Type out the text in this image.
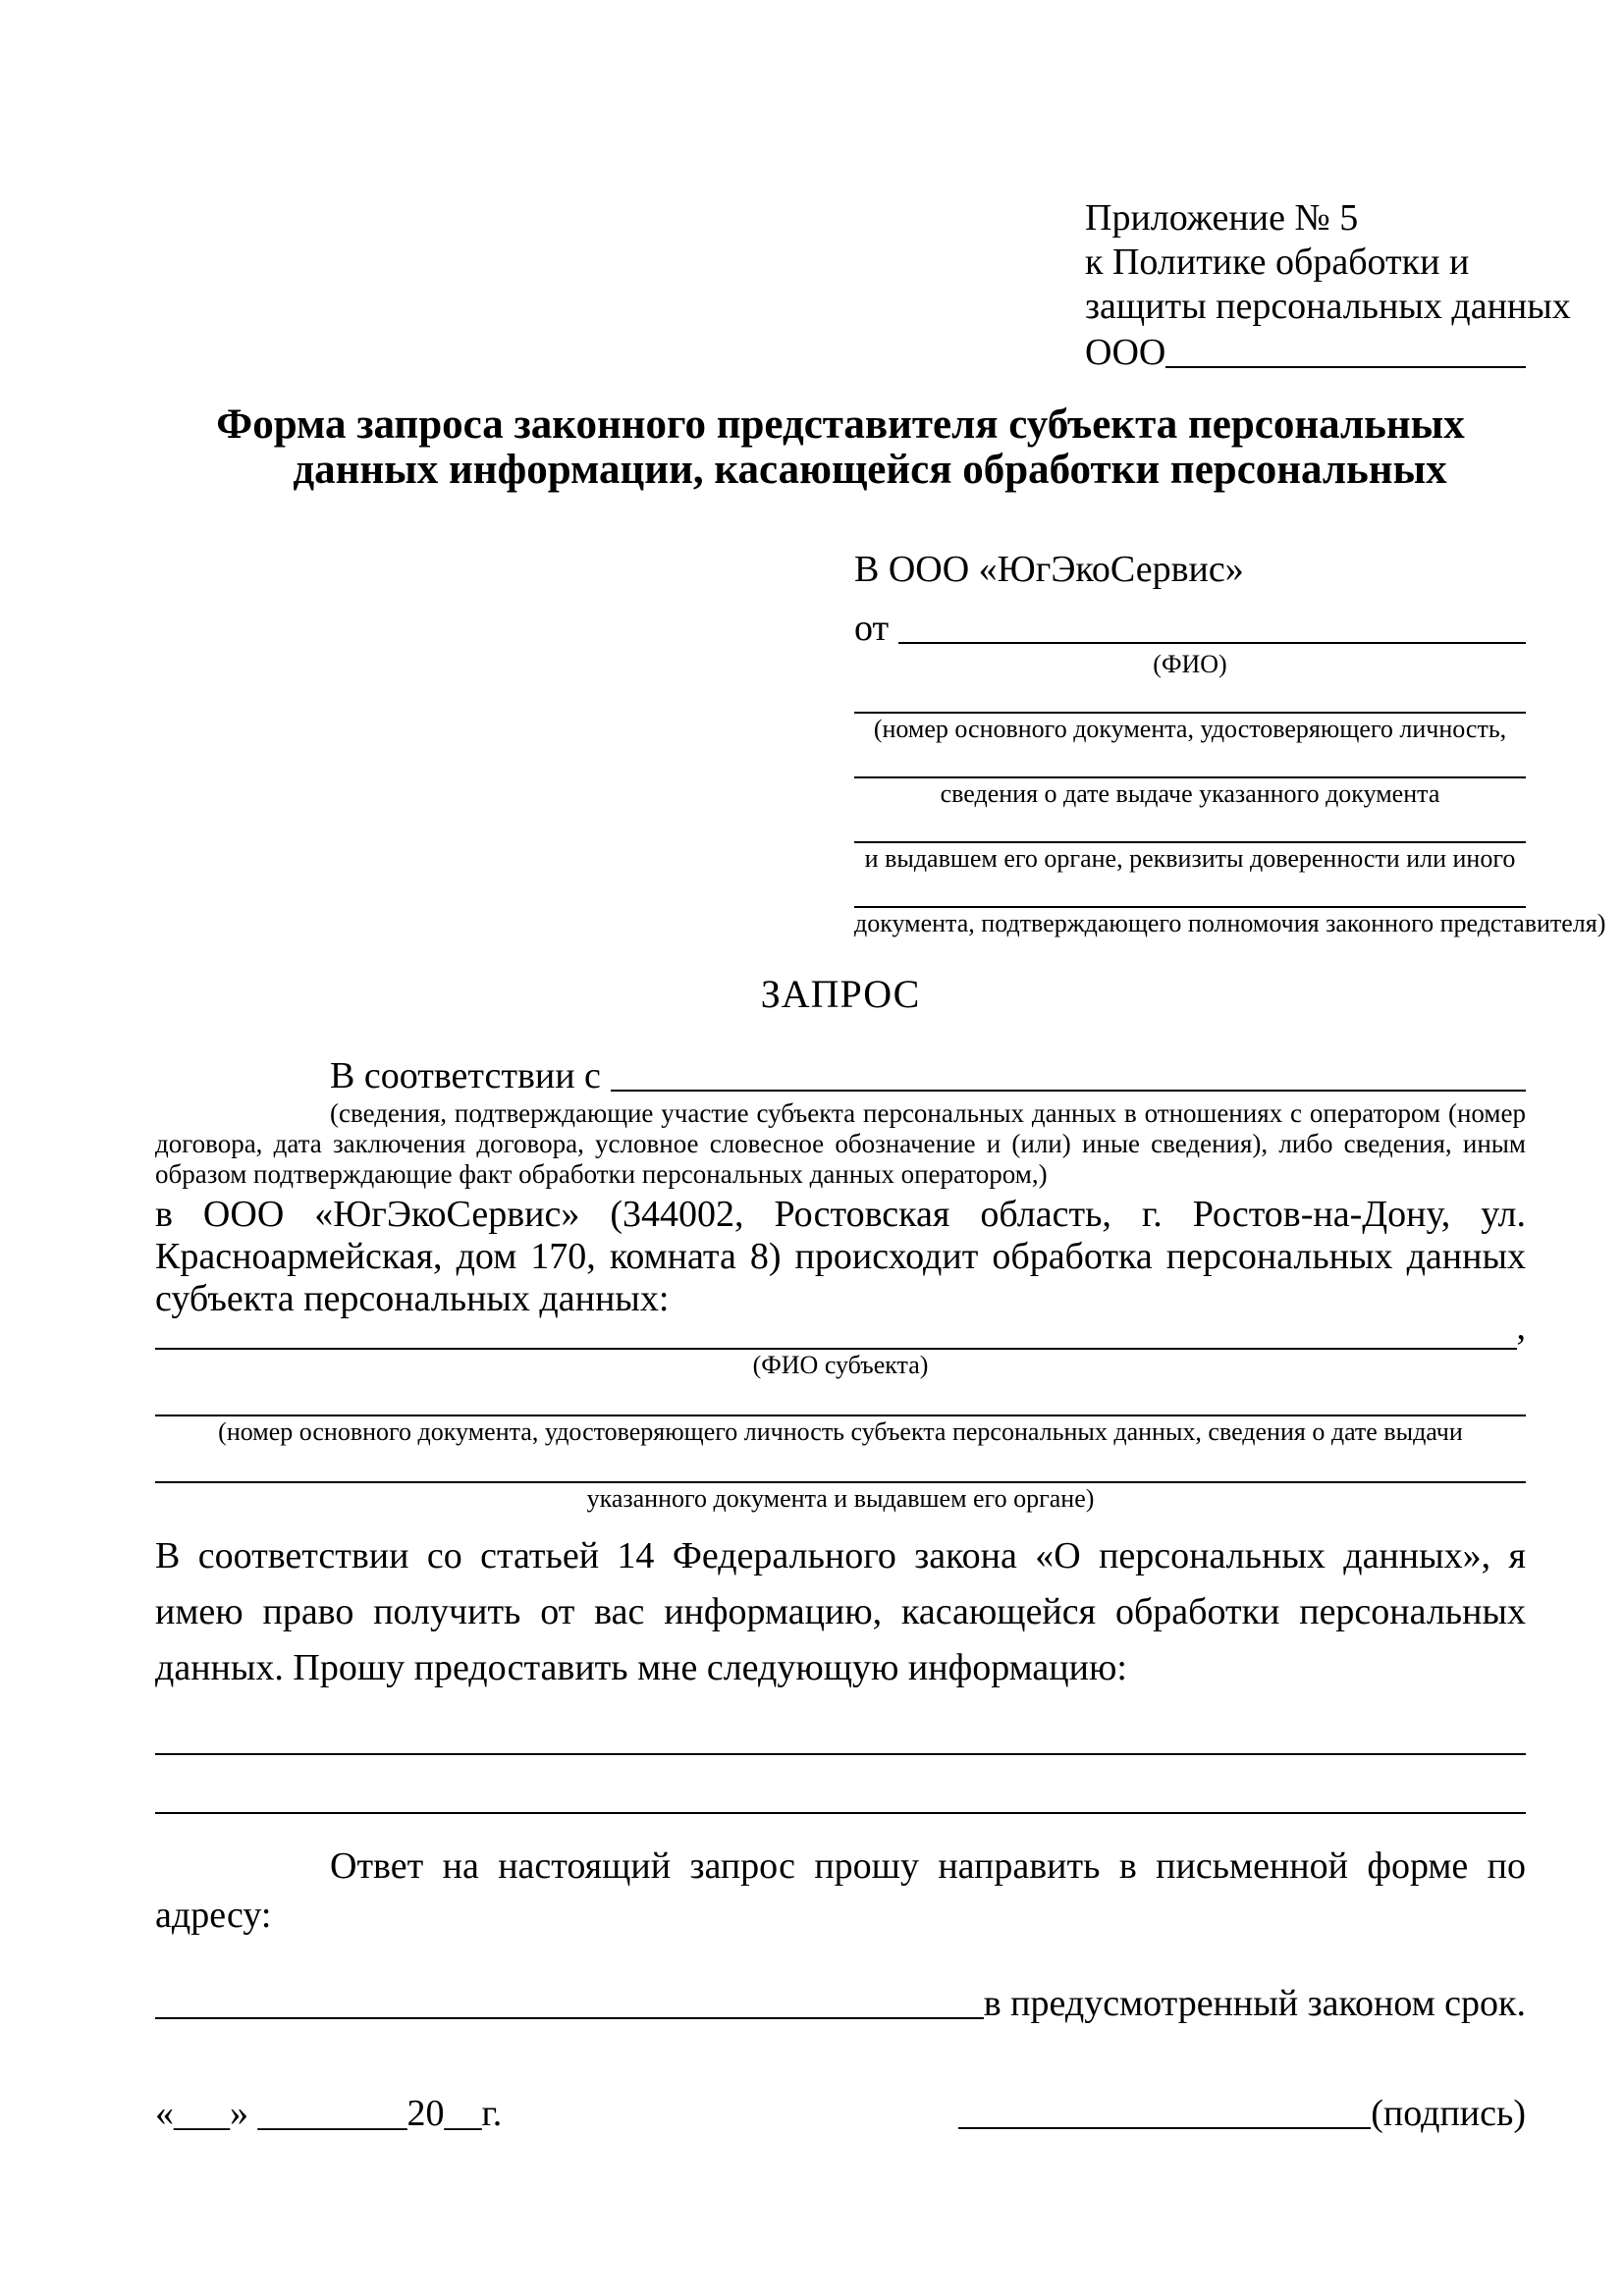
Приложение № 5
к Политике обработки и
защиты персональных данных
ООО
Форма запроса законного представителя субъекта персональных
данных информации, касающейся обработки персональных
В ООО «ЮгЭкоСервис»
от
(ФИО)
(номер основного документа, удостоверяющего личность,
сведения о дате выдаче указанного документа
и выдавшем его органе, реквизиты доверенности или иного
документа, подтверждающего полномочия законного представителя)
ЗАПРОС
В соответствии с

(сведения, подтверждающие участие субъекта персональных данных в отношениях с оператором (номер договора, дата заключения договора, условное словесное обозначение и (или) иные сведения), либо сведения, иным образом подтверждающие факт обработки персональных данных оператором,)

в ООО «ЮгЭкоСервис» (344002, Ростовская область, г. Ростов-на-Дону, ул. Красноармейская, дом 170, комната 8) происходит обработка персональных данных субъекта персональных данных:

,
(ФИО субъекта)
(номер основного документа, удостоверяющего личность субъекта персональных данных, сведения о дате выдачи
указанного документа и выдавшем его органе)

В соответствии со статьей 14 Федерального закона «О персональных данных», я имею право получить от вас информацию, касающейся обработки персональных данных. Прошу предоставить мне следующую информацию:

Ответ на настоящий запрос прошу направить в письменной форме по адресу:

в предусмотренный законом срок.
«___» ________20__г.	(подпись)
